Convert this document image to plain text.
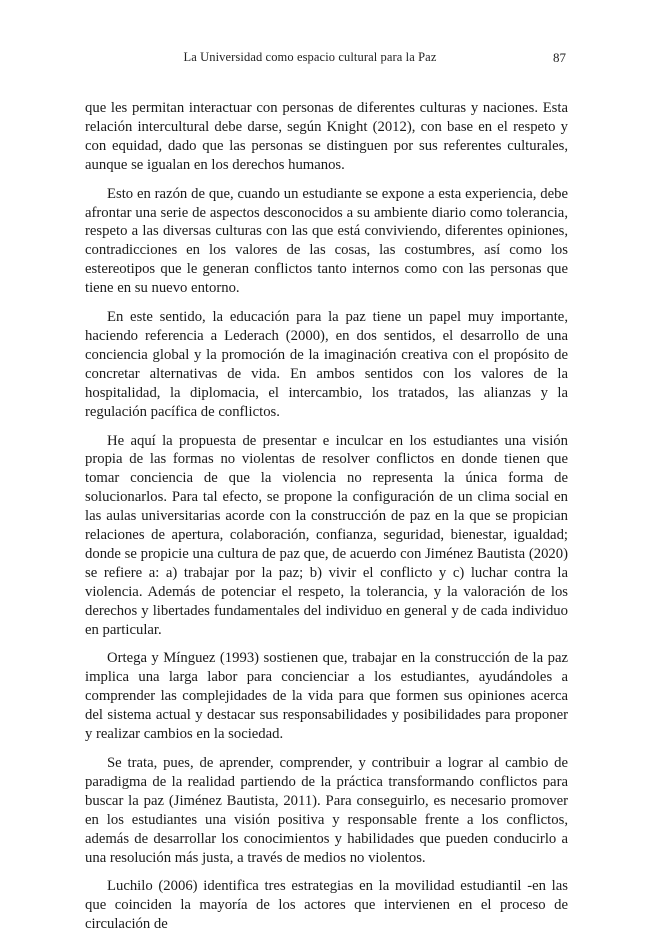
La Universidad como espacio cultural para la Paz	87

que les permitan interactuar con personas de diferentes culturas y naciones. Esta relación intercultural debe darse, según Knight (2012), con base en el respeto y con equidad, dado que las personas se distinguen por sus referentes culturales, aunque se igualan en los derechos humanos.

Esto en razón de que, cuando un estudiante se expone a esta experiencia, debe afrontar una serie de aspectos desconocidos a su ambiente diario como tolerancia, respeto a las diversas culturas con las que está conviviendo, diferentes opiniones, contradicciones en los valores de las cosas, las costumbres, así como los estereotipos que le generan conflictos tanto internos como con las personas que tiene en su nuevo entorno.

En este sentido, la educación para la paz tiene un papel muy importante, haciendo referencia a Lederach (2000), en dos sentidos, el desarrollo de una conciencia global y la promoción de la imaginación creativa con el propósito de concretar alternativas de vida. En ambos sentidos con los valores de la hospitalidad, la diplomacia, el intercambio, los tratados, las alianzas y la regulación pacífica de conflictos.

He aquí la propuesta de presentar e inculcar en los estudiantes una visión propia de las formas no violentas de resolver conflictos en donde tienen que tomar conciencia de que la violencia no representa la única forma de solucionarlos. Para tal efecto, se propone la configuración de un clima social en las aulas universitarias acorde con la construcción de paz en la que se propician relaciones de apertura, colaboración, confianza, seguridad, bienestar, igualdad; donde se propicie una cultura de paz que, de acuerdo con Jiménez Bautista (2020) se refiere a: a) trabajar por la paz; b) vivir el conflicto y c) luchar contra la violencia. Además de potenciar el respeto, la tolerancia, y la valoración de los derechos y libertades fundamentales del individuo en general y de cada individuo en particular.

Ortega y Mínguez (1993) sostienen que, trabajar en la construcción de la paz implica una larga labor para concienciar a los estudiantes, ayudándoles a comprender las complejidades de la vida para que formen sus opiniones acerca del sistema actual y destacar sus responsabilidades y posibilidades para proponer y realizar cambios en la sociedad.

Se trata, pues, de aprender, comprender, y contribuir a lograr al cambio de paradigma de la realidad partiendo de la práctica transformando conflictos para buscar la paz (Jiménez Bautista, 2011). Para conseguirlo, es necesario promover en los estudiantes una visión positiva y responsable frente a los conflictos, además de desarrollar los conocimientos y habilidades que pueden conducirlo a una resolución más justa, a través de medios no violentos.

Luchilo (2006) identifica tres estrategias en la movilidad estudiantil -en las que coinciden la mayoría de los actores que intervienen en el proceso de circulación de
